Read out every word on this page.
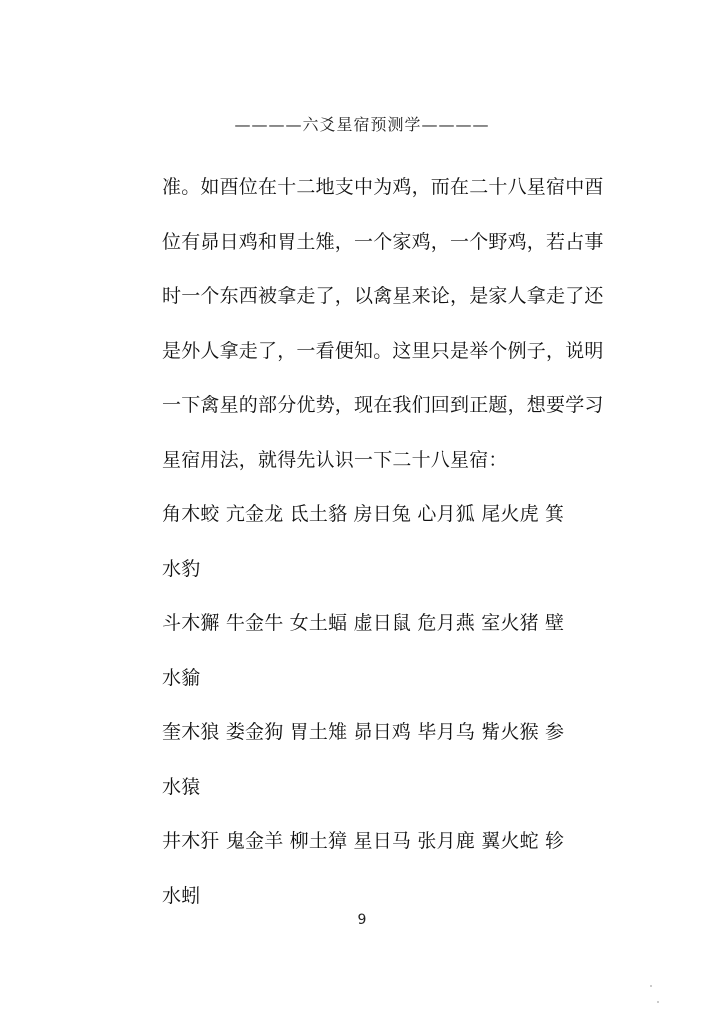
————六爻星宿预测学————
准。如酉位在十二地支中为鸡，而在二十八星宿中酉
位有昴日鸡和胃土雉，一个家鸡，一个野鸡，若占事
时一个东西被拿走了，以禽星来论，是家人拿走了还
是外人拿走了，一看便知。这里只是举个例子，说明
一下禽星的部分优势，现在我们回到正题，想要学习
星宿用法，就得先认识一下二十八星宿：
角木蛟 亢金龙 氐土貉 房日兔 心月狐 尾火虎 箕
水豹
斗木獬 牛金牛 女土蝠 虚日鼠 危月燕 室火猪 壁
水貐
奎木狼 娄金狗 胃土雉 昴日鸡 毕月乌 觜火猴 参
水猿
井木犴 鬼金羊 柳土獐 星日马 张月鹿 翼火蛇 轸
水蚓
9
